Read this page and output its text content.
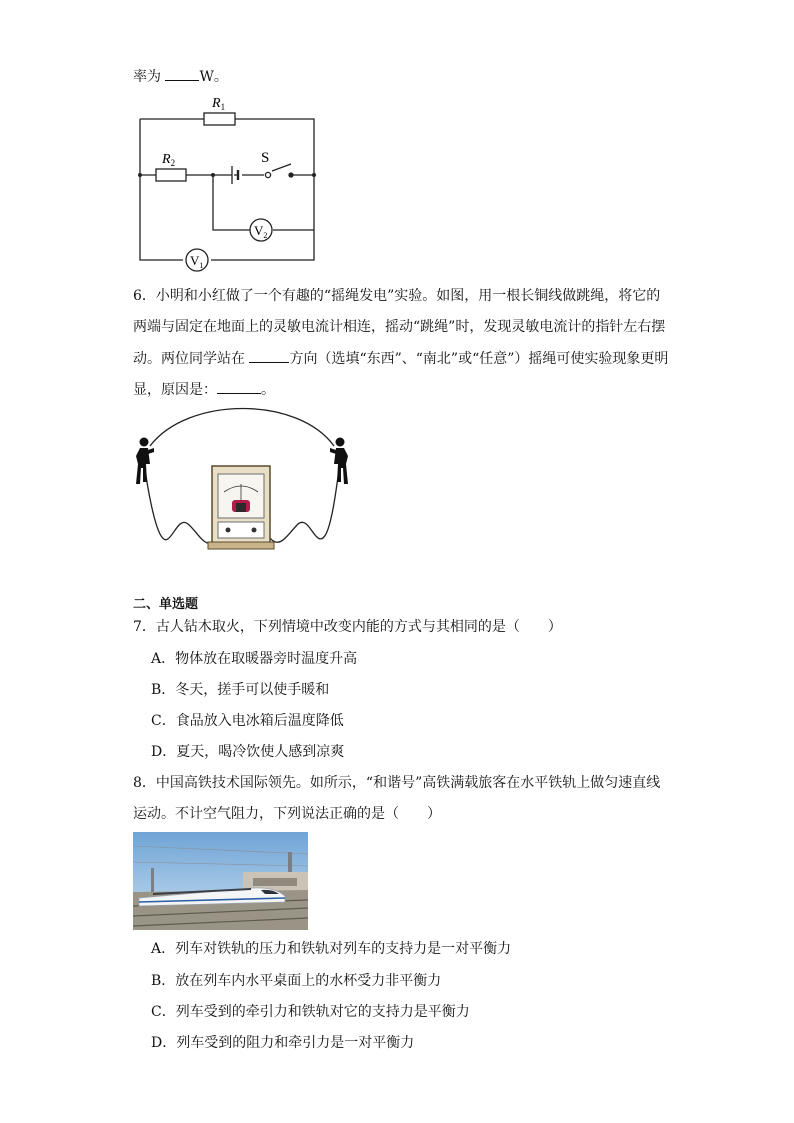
率为	W。
$R_1$
$R_2$	S
$V_2$
$V_1$
6．小明和小红做了一个有趣的“摇绳发电”实验。如图，用一根长铜线做跳绳，将它的
两端与固定在地面上的灵敏电流计相连，摇动“跳绳”时，发现灵敏电流计的指针左右摆
动。两位同学站在	方向（选填“东西”、“南北”或“任意”）摇绳可使实验现象更明
显，原因是：	。
二、单选题
7．古人钻木取火，下列情境中改变内能的方式与其相同的是（　　）
A．物体放在取暖器旁时温度升高
B．冬天，搓手可以使手暖和
C．食品放入电冰箱后温度降低
D．夏天，喝冷饮使人感到凉爽
8．中国高铁技术国际领先。如所示，“和谐号”高铁满载旅客在水平铁轨上做匀速直线
运动。不计空气阻力，下列说法正确的是（　　）
A．列车对铁轨的压力和铁轨对列车的支持力是一对平衡力
B．放在列车内水平桌面上的水杯受力非平衡力
C．列车受到的牵引力和铁轨对它的支持力是平衡力
D．列车受到的阻力和牵引力是一对平衡力
